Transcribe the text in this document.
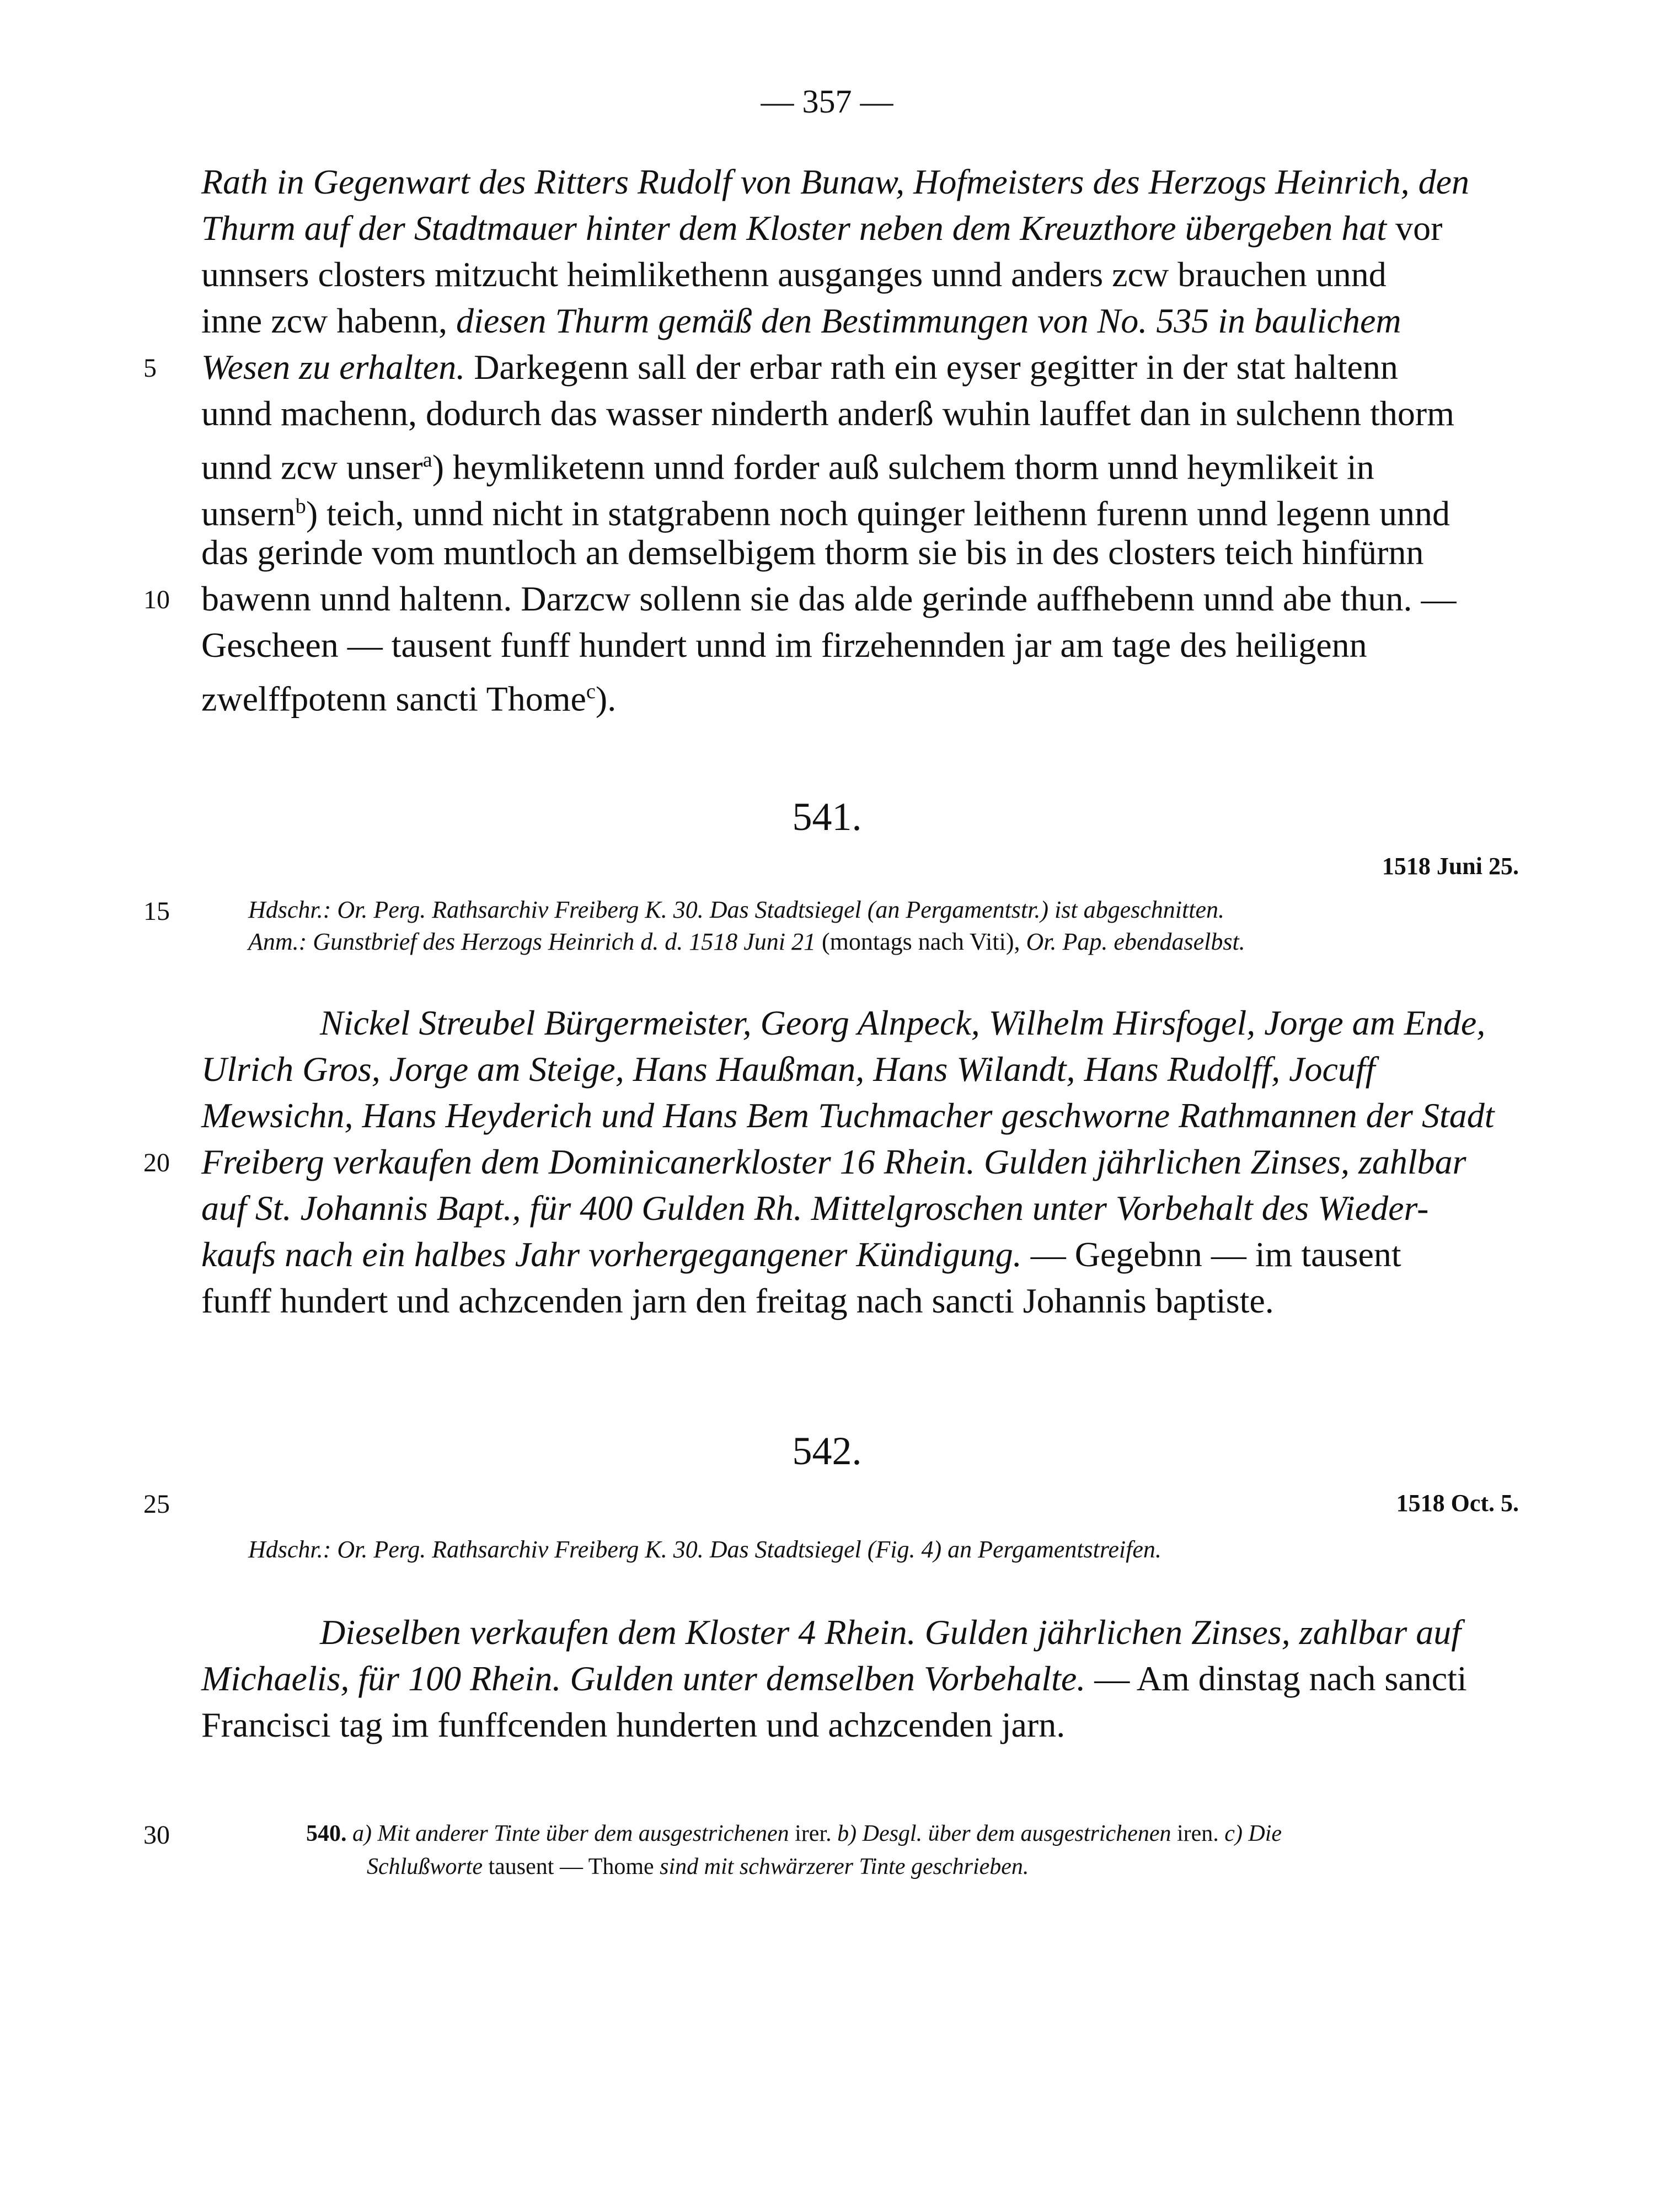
— 357 —
Rath in Gegenwart des Ritters Rudolf von Bunaw, Hofmeisters des Herzogs Heinrich, den
Thurm auf der Stadtmauer hinter dem Kloster neben dem Kreuzthore übergeben hat vor
unnsers closters mitzucht heimlikethenn ausganges unnd anders zcw brauchen unnd
inne zcw habenn, diesen Thurm gemäß den Bestimmungen von No. 535 in baulichem
Wesen zu erhalten. Darkegenn sall der erbar rath ein eyser gegitter in der stat haltenn
5
unnd machenn, dodurch das wasser ninderth anderß wuhin lauffet dan in sulchenn thorm
unnd zcw unser$^a$) heymliketenn unnd forder auß sulchem thorm unnd heymlikeit in
unsern$^b$) teich, unnd nicht in statgrabenn noch quinger leithenn furenn unnd legenn unnd
das gerinde vom muntloch an demselbigem thorm sie bis in des closters teich hinfürnn
bawenn unnd haltenn. Darzcw sollenn sie das alde gerinde auffhebenn unnd abe thun. —
10
Gescheen — tausent funff hundert unnd im firzehennden jar am tage des heiligenn
zwelffpotenn sancti Thome$^c$).
541.
1518 Juni 25.
15	Hdschr.: Or. Perg. Rathsarchiv Freiberg K. 30. Das Stadtsiegel (an Pergamentstr.) ist abgeschnitten.
Anm.: Gunstbrief des Herzogs Heinrich d. d. 1518 Juni 21 (montags nach Viti), Or. Pap. ebendaselbst.
Nickel Streubel Bürgermeister, Georg Alnpeck, Wilhelm Hirsfogel, Jorge am Ende,
Ulrich Gros, Jorge am Steige, Hans Haußman, Hans Wilandt, Hans Rudolff, Jocuff
Mewsichn, Hans Heyderich und Hans Bem Tuchmacher geschworne Rathmannen der Stadt
Freiberg verkaufen dem Dominicanerkloster 16 Rhein. Gulden jährlichen Zinses, zahlbar
20
auf St. Johannis Bapt., für 400 Gulden Rh. Mittelgroschen unter Vorbehalt des Wieder-
kaufs nach ein halbes Jahr vorhergegangener Kündigung. — Gegebnn — im tausent
funff hundert und achzcenden jarn den freitag nach sancti Johannis baptiste.
542.
25	1518 Oct. 5.
Hdschr.: Or. Perg. Rathsarchiv Freiberg K. 30. Das Stadtsiegel (Fig. 4) an Pergamentstreifen.
Dieselben verkaufen dem Kloster 4 Rhein. Gulden jährlichen Zinses, zahlbar auf
Michaelis, für 100 Rhein. Gulden unter demselben Vorbehalte. — Am dinstag nach sancti
Francisci tag im funffcenden hunderten und achzcenden jarn.
30	540. a) Mit anderer Tinte über dem ausgestrichenen irer. b) Desgl. über dem ausgestrichenen iren. c) Die
Schlußworte tausent — Thome sind mit schwärzerer Tinte geschrieben.
